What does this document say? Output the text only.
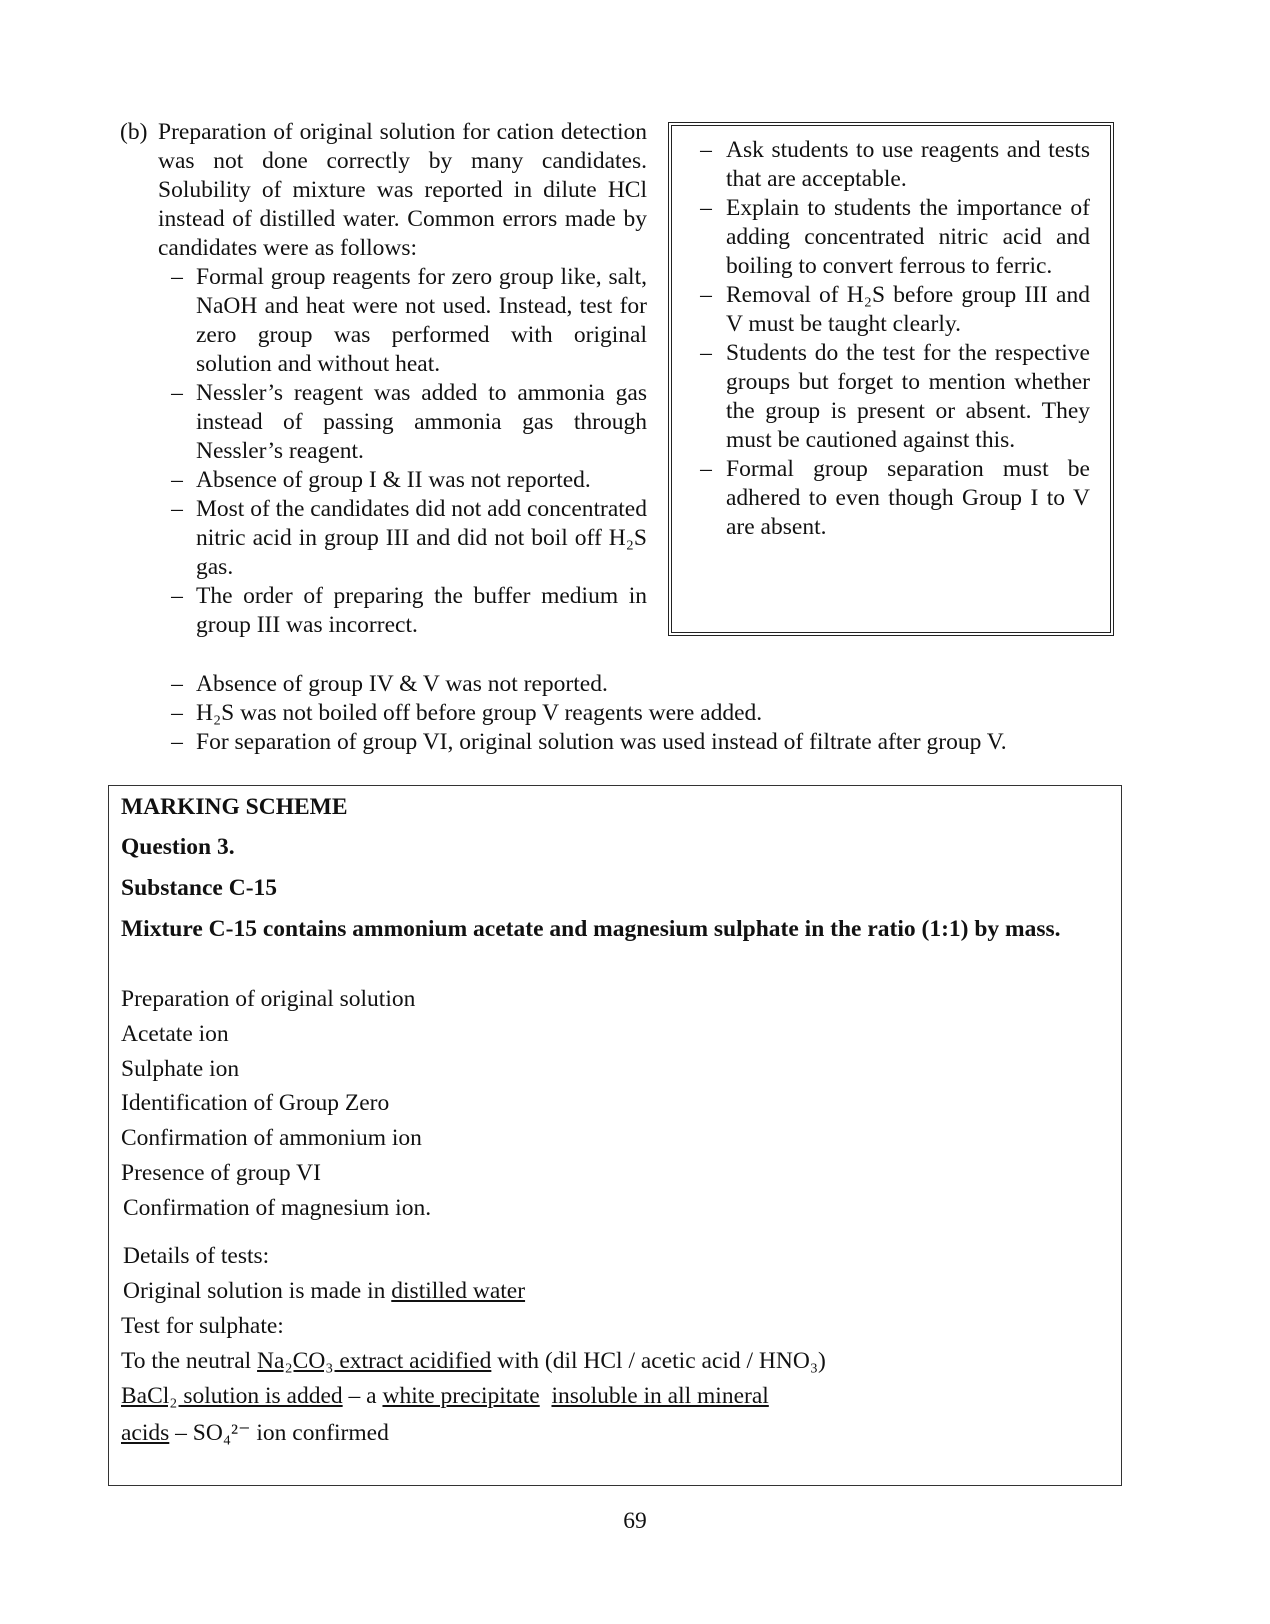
(b) Preparation of original solution for cation detection was not done correctly by many candidates. Solubility of mixture was reported in dilute HCl instead of distilled water. Common errors made by candidates were as follows:
– Formal group reagents for zero group like, salt, NaOH and heat were not used. Instead, test for zero group was performed with original solution and without heat.
– Nessler’s reagent was added to ammonia gas instead of passing ammonia gas through Nessler’s reagent.
– Absence of group I & II was not reported.
– Most of the candidates did not add concentrated nitric acid in group III and did not boil off H₂S gas.
– The order of preparing the buffer medium in group III was incorrect.
– Absence of group IV & V was not reported.
– H₂S was not boiled off before group V reagents were added.
– For separation of group VI, original solution was used instead of filtrate after group V.
– Ask students to use reagents and tests that are acceptable.
– Explain to students the importance of adding concentrated nitric acid and boiling to convert ferrous to ferric.
– Removal of H₂S before group III and V must be taught clearly.
– Students do the test for the respective groups but forget to mention whether the group is present or absent. They must be cautioned against this.
– Formal group separation must be adhered to even though Group I to V are absent.
MARKING SCHEME
Question 3.
Substance C-15
Mixture C-15 contains ammonium acetate and magnesium sulphate in the ratio (1:1) by mass.
Preparation of original solution
Acetate ion
Sulphate ion
Identification of Group Zero
Confirmation of ammonium ion
Presence of group VI
Confirmation of magnesium ion.
Details of tests:
Original solution is made in distilled water
Test for sulphate:
To the neutral Na₂CO₃ extract acidified with (dil HCl / acetic acid / HNO₃)
BaCl₂ solution is added – a white precipitate insoluble in all mineral
acids – SO₄²⁻ ion confirmed
69
